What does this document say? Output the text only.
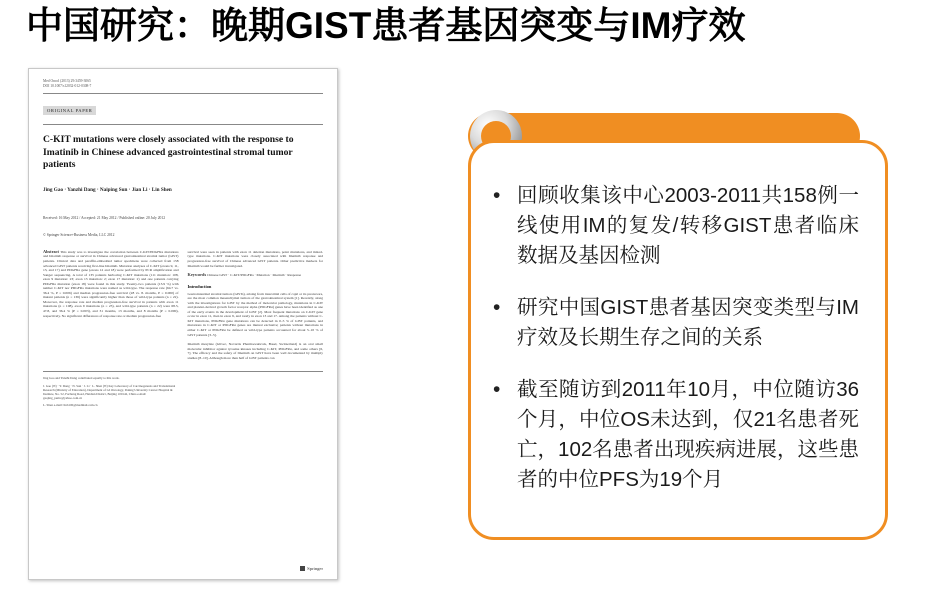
中国研究：晚期GIST患者基因突变与IM疗效
Med Oncol (2013) 29:3459-3065
DOI 10.1007/s12032-012-0308-7
ORIGINAL PAPER
C-KIT mutations were closely associated with the response to Imatinib in Chinese advanced gastrointestinal stromal tumor patients
Jing Gao · Yanzhi Dang · Naiping Sun · Jian Li · Lin Shen
Received: 16 May 2012 / Accepted: 21 May 2012 / Published online: 20 July 2012
© Springer Science+Business Media, LLC 2012

Abstract This study was to investigate the correlation between C-KIT/PDGFRa mutations and Imatinib response or survival in Chinese advanced gastrointestinal stromal tumor (GIST) patients. Clinical data and paraffin-embedded tumor specimens were collected from 158 advanced GIST patients receiving first-line Imatinib. Mutation analyses of C-KIT (exons 9, 11, 13, and 17) and PDGFRa gene (exons 12 and 18) were performed by PCR amplification and Sanger sequencing. A total of 135 patients harboring C-KIT mutations (111 mutation: 108, exon 9 mutation: 23; exon 13 mutation: 2; exon 17 mutation: 2) and one patients carrying PDGFRa mutation (exon 18) were found in this study. Twenty-two patients (13.9 %) with neither C-KIT nor PDGFRa mutations were named as wild-type. The response rate (64.7 vs. 36.4 %, P = 0.006) and median progression-free survival (28 vs. 8. months, P = 0.000) of mutant patients (n = 136) were significantly higher than those of wild-type patients (n = 22). Moreover, the response rate and median progression-free survival in patients with exon 11 mutations (n = 108), exon 9 mutations (n = 23), and wild-type patients (n = 22) were 68.5, 47.8, and 36.4 % (P = 0.003), and 31 months, 13 months, and 8 months (P = 0.000), respectively. No significant differences of response rate or median progression-free

survival were seen in patients with exon 11 deletion mutations, point mutations, and mixed-type mutations. C-KIT mutations were closely associated with Imatinib response and progression-free survival of Chinese advanced GIST patients. Other predictive markers for Imatinib would be further investigated.

Keywords Chinese GIST · C-KIT/PDGFRa · Mutation · Imatinib · Response

Introduction

Gastrointestinal stromal tumors (GISTs), arising from interstitial cells of cajal or its precursors, are the most common mesenchymal tumors of the gastrointestinal system [1]. Recently, along with the investigations for GIST by the method of molecular pathology, mutations in C-KIT and platelet-derived growth factor receptor alpha (PDGFRα) genes have been identified as one of the early events in the development of GIST [2]. Most frequent mutations on C-KIT gene occur in exon 11, then in exon 9, and rarely in exon 13 and 17. Among the patients without C-KIT mutations, PDGFRα gene mutations can be detected in 0–5 % of GIST patients, and mutations in C-KIT or PDGFRα genes are mutual exclusive; patients without mutations in either C-KIT or PDGFRα be defined as wild-type patients accounted for about 5–10 % of GIST patients [3–5].

Imatinib mesylate (Glivec, Novartis Pharmaceuticals, Basel, Switzerland) is an oral small molecular inhibitor against tyrosine kinases including C-KIT, PDGFRα, and some others [6, 7]. The efficacy and the safety of Imatinib on GIST have been well documented by multiply studies [8–10]. Although more than half of GIST patients can

Jing Gao and Yanzhi Dang contributed equally to this work.

J. Gao (✉) · Y. Dang · N. Sun · J. Li · L. Shen (✉) Key Laboratory of Carcinogenesis and Translational Research (Ministry of Education), Department of GI Oncology, Peking University Cancer Hospital & Institute, No. 52, Fucheng Road, Haidian District, Beijing 100142, China e-mail: gaojing_pumc@yahoo.com.cn

L. Shen e-mail: linb100@medmail.com.cn

Springer
• 回顾收集该中心2003-2011共158例一线使用IM的复发/转移GIST患者临床数据及基因检测
• 研究中国GIST患者基因突变类型与IM疗效及长期生存之间的关系
• 截至随访到2011年10月，中位随访36个月，中位OS未达到，仅21名患者死亡，102名患者出现疾病进展，这些患者的中位PFS为19个月
